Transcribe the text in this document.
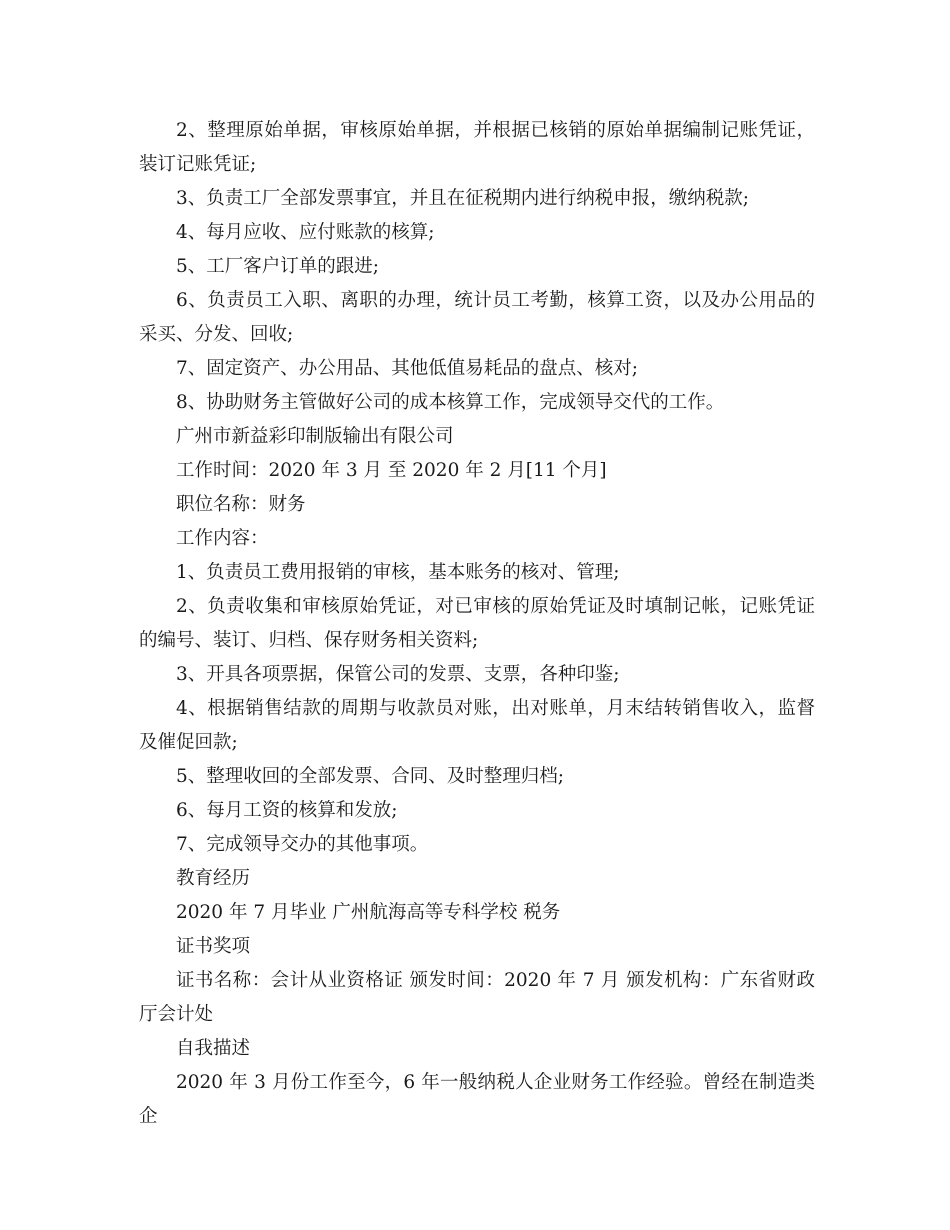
2、整理原始单据，审核原始单据，并根据已核销的原始单据编制记账凭证，装订记账凭证;

3、负责工厂全部发票事宜，并且在征税期内进行纳税申报，缴纳税款;

4、每月应收、应付账款的核算;

5、工厂客户订单的跟进;

6、负责员工入职、离职的办理，统计员工考勤，核算工资，以及办公用品的采买、分发、回收;

7、固定资产、办公用品、其他低值易耗品的盘点、核对;

8、协助财务主管做好公司的成本核算工作，完成领导交代的工作。

广州市新益彩印制版输出有限公司

工作时间：2020 年 3 月 至 2020 年 2 月[11 个月]

职位名称：财务

工作内容：

1、负责员工费用报销的审核，基本账务的核对、管理;

2、负责收集和审核原始凭证，对已审核的原始凭证及时填制记帐，记账凭证的编号、装订、归档、保存财务相关资料;

3、开具各项票据，保管公司的发票、支票，各种印鉴;

4、根据销售结款的周期与收款员对账，出对账单，月末结转销售收入，监督及催促回款;

5、整理收回的全部发票、合同、及时整理归档;

6、每月工资的核算和发放;

7、完成领导交办的其他事项。

教育经历

2020 年 7 月毕业 广州航海高等专科学校 税务

证书奖项

证书名称：会计从业资格证 颁发时间：2020 年 7 月 颁发机构：广东省财政厅会计处

自我描述

2020 年 3 月份工作至今，6 年一般纳税人企业财务工作经验。曾经在制造类企
